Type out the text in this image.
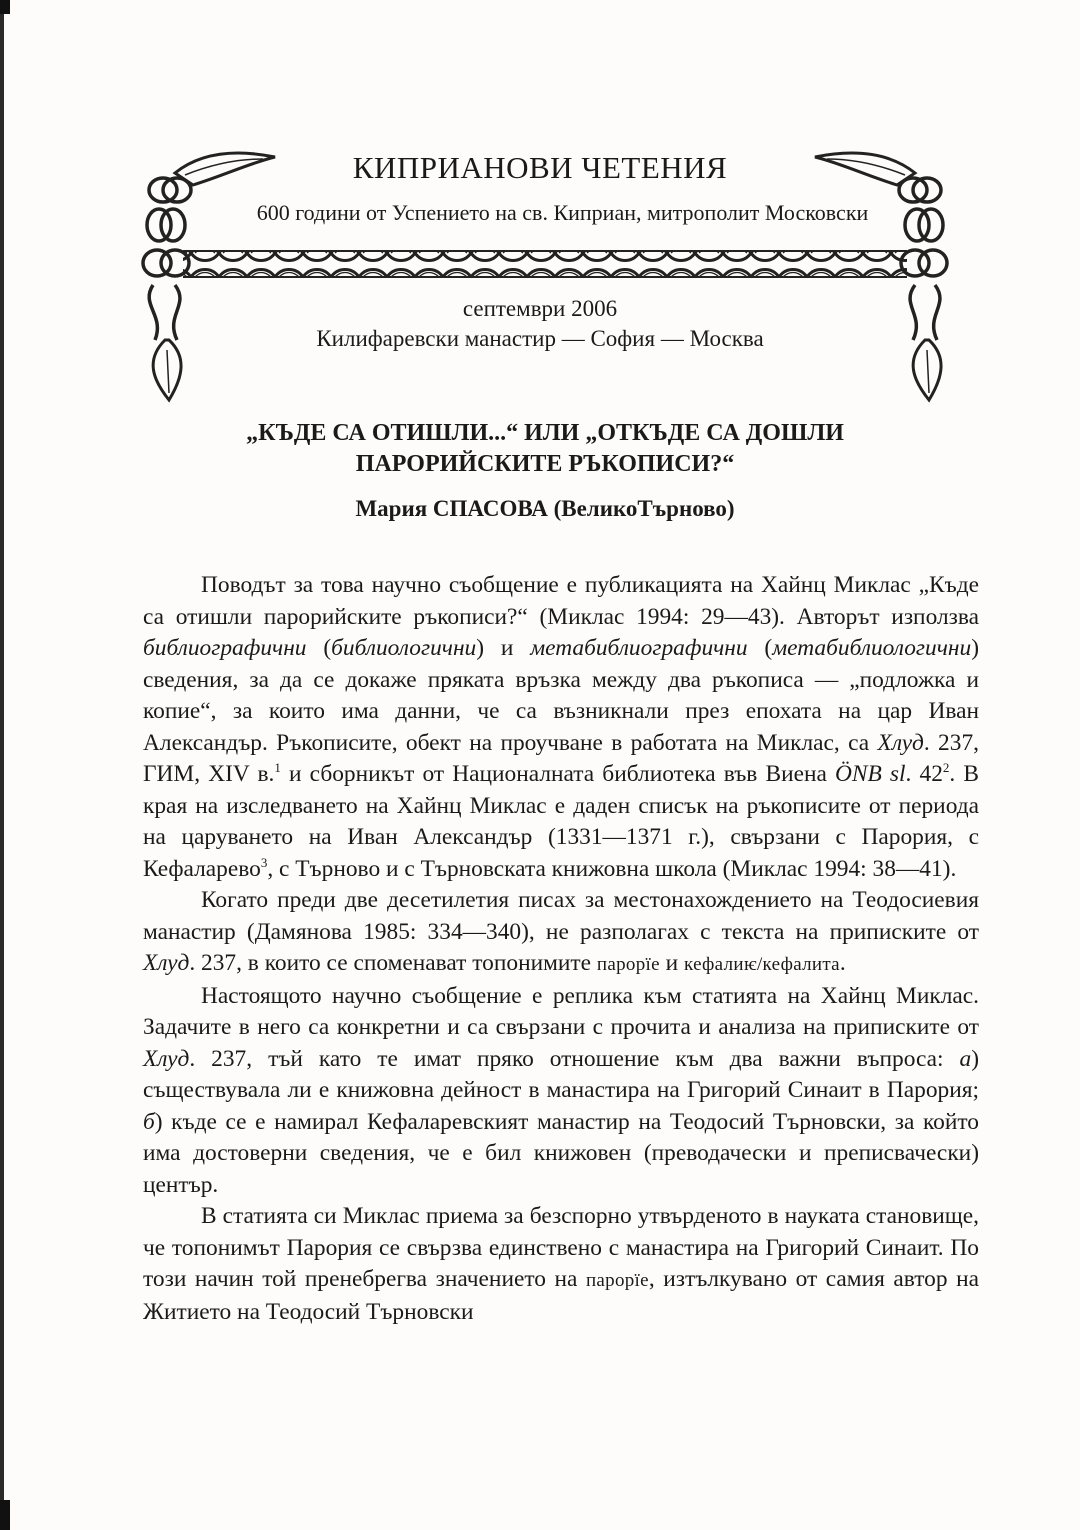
КИПРИАНОВИ ЧЕТЕНИЯ
600 години от Успението на св. Киприан, митрополит Московски
септември 2006
Килифаревски манастир — София — Москва
„КЪДЕ СА ОТИШЛИ...“ ИЛИ „ОТКЪДЕ СА ДОШЛИ
ПАРОРИЙСКИТЕ РЪКОПИСИ?“
Мария СПАСОВА (ВеликоТърново)

Поводът за това научно съобщение е публикацията на Хайнц Миклас „Къде са отишли парорийските ръкописи?“ (Миклас 1994: 29—43). Авторът използва библиографични (библиологични) и метабиблиографични (метабиблиологични) сведения, за да се докаже пряката връзка между два ръкописа — „подложка и копие“, за които има данни, че са възникнали през епохата на цар Иван Александър. Ръкописите, обект на проучване в работата на Миклас, са Хлуд. 237, ГИМ, XIV в.$^1$ и сборникът от Националната библиотека във Виена ÖNB sl. $42^2$. В края на изследването на Хайнц Миклас е даден списък на ръкописите от периода на царуването на Иван Александър (1331—1371 г.), свързани с Парория, с Кефаларево$^3$, с Търново и с Търновската книжовна школа (Миклас 1994: 38—41).

Когато преди две десетилетия писах за местонахождението на Теодосиевия манастир (Дамянова 1985: 334—340), не разполагах с текста на приписките от Хлуд. 237, в които се споменават топонимите парорїе и кефалиѥ/кефалита.

Настоящото научно съобщение е реплика към статията на Хайнц Миклас. Задачите в него са конкретни и са свързани с прочита и анализа на приписките от Хлуд. 237, тъй като те имат пряко отношение към два важни въпроса: а) съществувала ли е книжовна дейност в манастира на Григорий Синаит в Парория; б) къде се е намирал Кефаларевският манастир на Теодосий Търновски, за който има достоверни сведения, че е бил книжовен (преводачески и преписвачески) център.

В статията си Миклас приема за безспорно утвърденото в науката становище, че топонимът Парория се свързва единствено с манастира на Григорий Синаит. По този начин той пренебрегва значението на парорїе, изтълкувано от самия автор на Житието на Теодосий Търновски
